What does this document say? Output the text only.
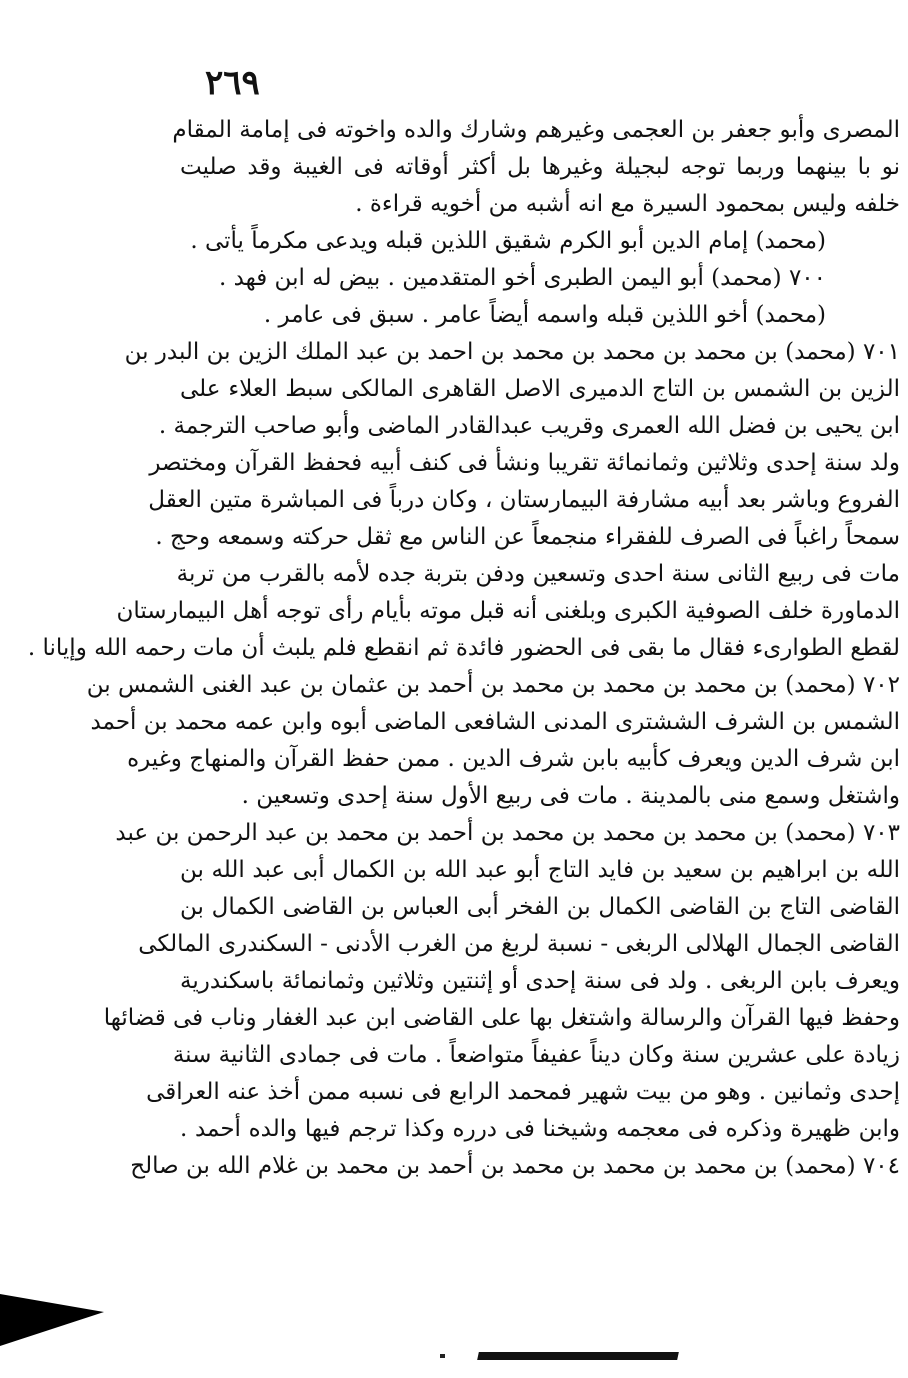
٢٦٩
المصرى وأبو جعفر بن العجمى وغيرهم وشارك والده واخوته فى إمامة المقام
نو با بينهما وربما توجه لبجيلة وغيرها بل أكثر أوقاته فى الغيبة وقد صليت
خلفه وليس بمحمود السيرة مع انه أشبه من أخويه قراءة .
(محمد) إمام الدين أبو الكرم شقيق اللذين قبله ويدعى مكرماً يأتى .
٧٠٠ (محمد) أبو اليمن الطبرى أخو المتقدمين . بيض له ابن فهد .
(محمد) أخو اللذين قبله واسمه أيضاً عامر . سبق فى عامر .
٧٠١ (محمد) بن محمد بن محمد بن محمد بن احمد بن عبد الملك الزين بن البدر بن
الزين بن الشمس بن التاج الدميرى الاصل القاهرى المالكى سبط العلاء على
ابن يحيى بن فضل الله العمرى وقريب عبدالقادر الماضى وأبو صاحب الترجمة .
ولد سنة إحدى وثلاثين وثمانمائة تقريبا ونشأ فى كنف أبيه فحفظ القرآن ومختصر
الفروع وباشر بعد أبيه مشارفة البيمارستان ، وكان درباً فى المباشرة متين العقل
سمحاً راغباً فى الصرف للفقراء منجمعاً عن الناس مع ثقل حركته وسمعه وحج .
مات فى ربيع الثانى سنة احدى وتسعين ودفن بتربة جده لأمه بالقرب من تربة
الدماورة خلف الصوفية الكبرى وبلغنى أنه قبل موته بأيام رأى توجه أهل البيمارستان
لقطع الطوارىء فقال ما بقى فى الحضور فائدة ثم انقطع فلم يلبث أن مات رحمه الله وإيانا .
٧٠٢ (محمد) بن محمد بن محمد بن محمد بن أحمد بن عثمان بن عبد الغنى الشمس بن
الشمس بن الشرف الششترى المدنى الشافعى الماضى أبوه وابن عمه محمد بن أحمد
ابن شرف الدين ويعرف كأبيه بابن شرف الدين . ممن حفظ القرآن والمنهاج وغيره
واشتغل وسمع منى بالمدينة . مات فى ربيع الأول سنة إحدى وتسعين .
٧٠٣ (محمد) بن محمد بن محمد بن محمد بن أحمد بن محمد بن عبد الرحمن بن عبد
الله بن ابراهيم بن سعيد بن فايد التاج أبو عبد الله بن الكمال أبى عبد الله بن
القاضى التاج بن القاضى الكمال بن الفخر أبى العباس بن القاضى الكمال بن
القاضى الجمال الهلالى الربغى - نسبة لربغ من الغرب الأدنى - السكندرى المالكى
ويعرف بابن الربغى . ولد فى سنة إحدى أو إثنتين وثلاثين وثمانمائة باسكندرية
وحفظ فيها القرآن والرسالة واشتغل بها على القاضى ابن عبد الغفار وناب فى قضائها
زيادة على عشرين سنة وكان ديناً عفيفاً متواضعاً . مات فى جمادى الثانية سنة
إحدى وثمانين . وهو من بيت شهير فمحمد الرابع فى نسبه ممن أخذ عنه العراقى
وابن ظهيرة وذكره فى معجمه وشيخنا فى درره وكذا ترجم فيها والده أحمد .
٧٠٤ (محمد) بن محمد بن محمد بن محمد بن أحمد بن محمد بن غلام الله بن صالح
